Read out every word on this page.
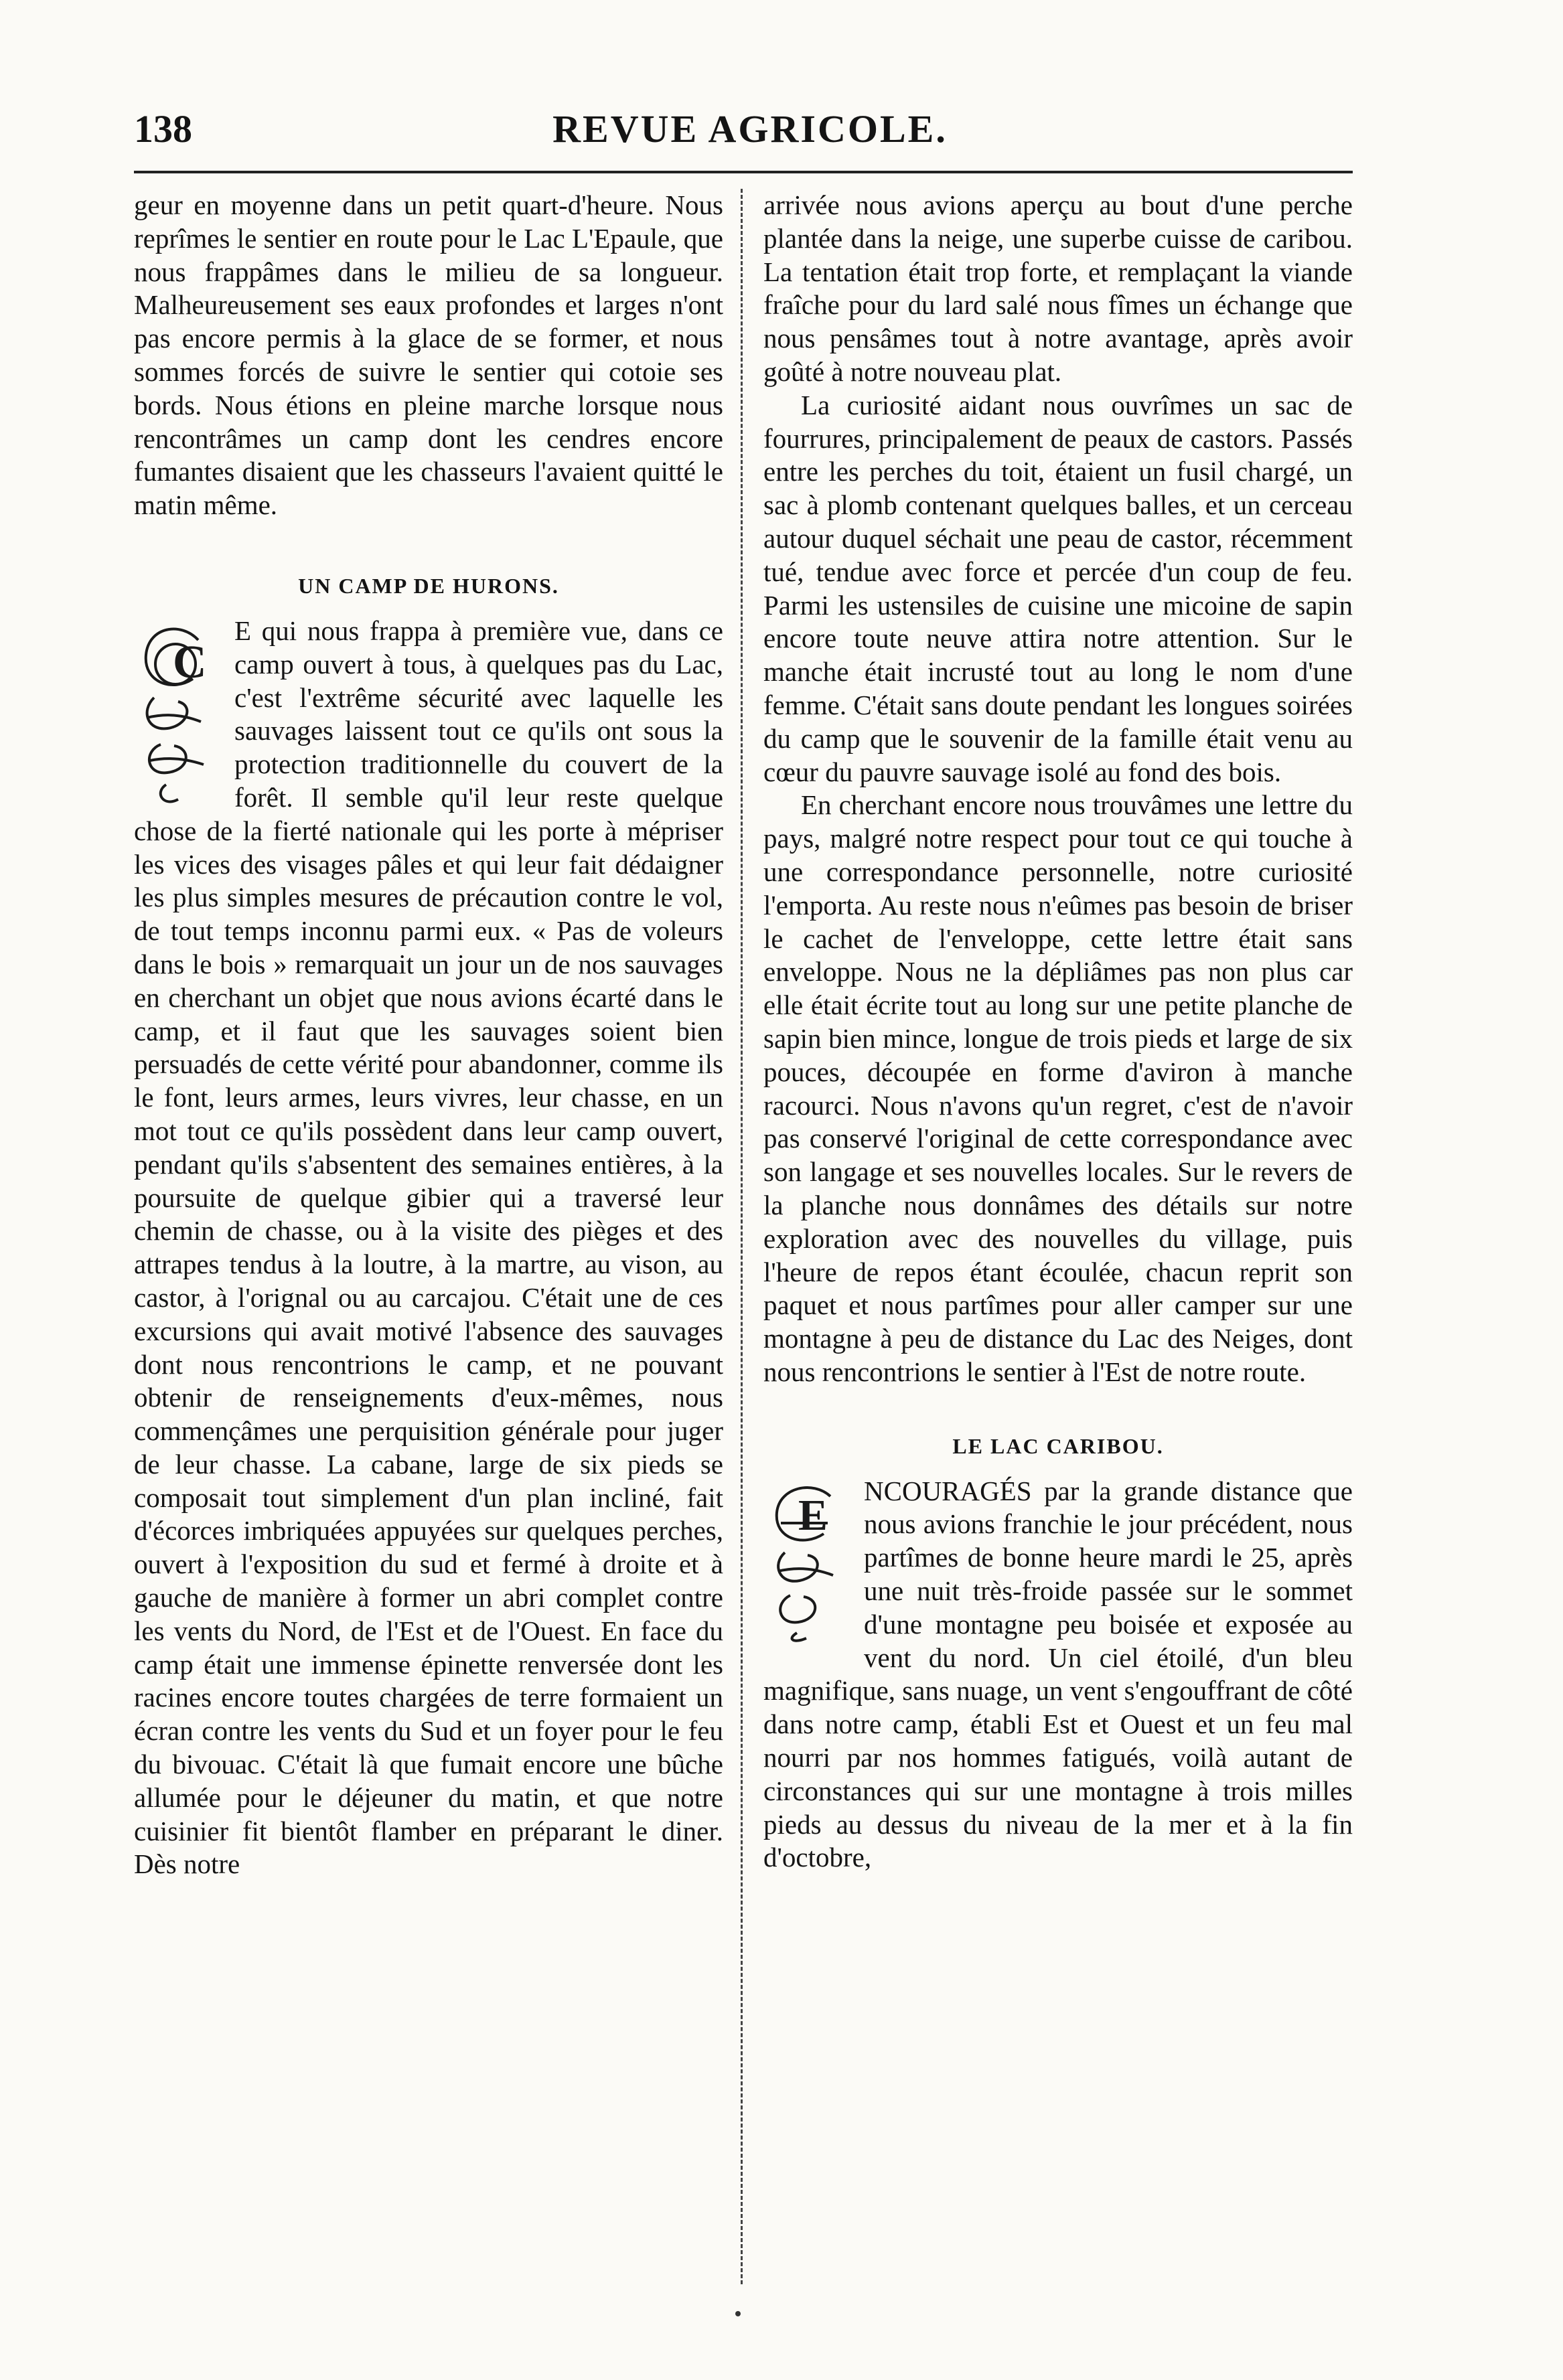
138	REVUE AGRICOLE.

geur en moyenne dans un petit quart-d'heure. Nous reprîmes le sentier en route pour le Lac L'Epaule, que nous frappâmes dans le milieu de sa longueur. Malheureusement ses eaux profondes et larges n'ont pas encore permis à la glace de se former, et nous sommes forcés de suivre le sentier qui cotoie ses bords. Nous étions en pleine marche lorsque nous rencontrâmes un camp dont les cendres encore fumantes disaient que les chasseurs l'avaient quitté le matin même.

UN CAMP DE HURONS.
C

E qui nous frappa à première vue, dans ce camp ouvert à tous, à quelques pas du Lac, c'est l'extrême sécurité avec laquelle les sauvages laissent tout ce qu'ils ont sous la protection traditionnelle du couvert de la forêt. Il semble qu'il leur reste quelque chose de la fierté nationale qui les porte à mépriser les vices des visages pâles et qui leur fait dédaigner les plus simples mesures de précaution contre le vol, de tout temps inconnu parmi eux. « Pas de voleurs dans le bois » remarquait un jour un de nos sauvages en cherchant un objet que nous avions écarté dans le camp, et il faut que les sauvages soient bien persuadés de cette vérité pour abandonner, comme ils le font, leurs armes, leurs vivres, leur chasse, en un mot tout ce qu'ils possèdent dans leur camp ouvert, pendant qu'ils s'absentent des semaines entières, à la poursuite de quelque gibier qui a traversé leur chemin de chasse, ou à la visite des pièges et des attrapes tendus à la loutre, à la martre, au vison, au castor, à l'orignal ou au carcajou. C'était une de ces excursions qui avait motivé l'absence des sauvages dont nous rencontrions le camp, et ne pouvant obtenir de renseignements d'eux-mêmes, nous commençâmes une perquisition générale pour juger de leur chasse. La cabane, large de six pieds se composait tout simplement d'un plan incliné, fait d'écorces imbriquées appuyées sur quelques perches, ouvert à l'exposition du sud et fermé à droite et à gauche de manière à former un abri complet contre les vents du Nord, de l'Est et de l'Ouest. En face du camp était une immense épinette renversée dont les racines encore toutes chargées de terre formaient un écran contre les vents du Sud et un foyer pour le feu du bivouac. C'était là que fumait encore une bûche allumée pour le déjeuner du matin, et que notre cuisinier fit bientôt flamber en préparant le diner. Dès notre

arrivée nous avions aperçu au bout d'une perche plantée dans la neige, une superbe cuisse de caribou. La tentation était trop forte, et remplaçant la viande fraîche pour du lard salé nous fîmes un échange que nous pensâmes tout à notre avantage, après avoir goûté à notre nouveau plat.

La curiosité aidant nous ouvrîmes un sac de fourrures, principalement de peaux de castors. Passés entre les perches du toit, étaient un fusil chargé, un sac à plomb contenant quelques balles, et un cerceau autour duquel séchait une peau de castor, récemment tué, tendue avec force et percée d'un coup de feu. Parmi les ustensiles de cuisine une micoine de sapin encore toute neuve attira notre attention. Sur le manche était incrusté tout au long le nom d'une femme. C'était sans doute pendant les longues soirées du camp que le souvenir de la famille était venu au cœur du pauvre sauvage isolé au fond des bois.

En cherchant encore nous trouvâmes une lettre du pays, malgré notre respect pour tout ce qui touche à une correspondance personnelle, notre curiosité l'emporta. Au reste nous n'eûmes pas besoin de briser le cachet de l'enveloppe, cette lettre était sans enveloppe. Nous ne la dépliâmes pas non plus car elle était écrite tout au long sur une petite planche de sapin bien mince, longue de trois pieds et large de six pouces, découpée en forme d'aviron à manche racourci. Nous n'avons qu'un regret, c'est de n'avoir pas conservé l'original de cette correspondance avec son langage et ses nouvelles locales. Sur le revers de la planche nous donnâmes des détails sur notre exploration avec des nouvelles du village, puis l'heure de repos étant écoulée, chacun reprit son paquet et nous partîmes pour aller camper sur une montagne à peu de distance du Lac des Neiges, dont nous rencontrions le sentier à l'Est de notre route.

LE LAC CARIBOU.
E	NCOURAGÉS par la grande distance que nous avions franchie le jour précédent, nous partîmes de bonne heure mardi le 25, après une nuit très-froide passée sur le sommet d'une montagne peu boisée et exposée au vent du nord. Un ciel étoilé, d'un bleu magnifique, sans nuage, un vent s'engouffrant de côté dans notre camp, établi Est et Ouest et un feu mal nourri par nos hommes fatigués, voilà autant de circonstances qui sur une montagne à trois milles pieds au dessus du niveau de la mer et à la fin d'octobre,
